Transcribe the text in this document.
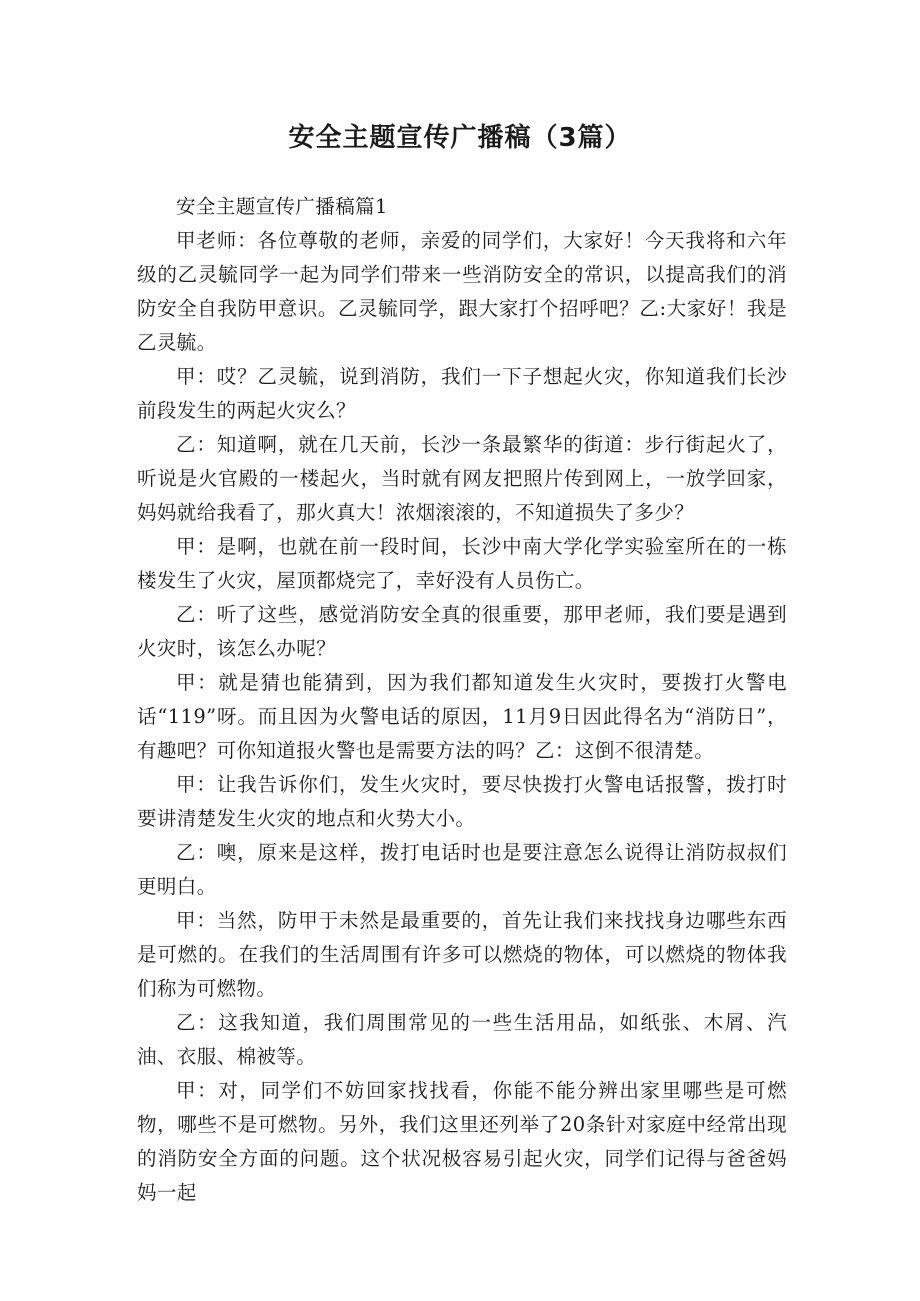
安全主题宣传广播稿（3篇）

安全主题宣传广播稿篇1

甲老师：各位尊敬的老师，亲爱的同学们，大家好！今天我将和六年级的乙灵毓同学一起为同学们带来一些消防安全的常识，以提高我们的消防安全自我防甲意识。乙灵毓同学，跟大家打个招呼吧？乙:大家好！我是乙灵毓。

甲：哎？乙灵毓，说到消防，我们一下子想起火灾，你知道我们长沙前段发生的两起火灾么？

乙：知道啊，就在几天前，长沙一条最繁华的街道：步行街起火了，听说是火官殿的一楼起火，当时就有网友把照片传到网上，一放学回家，妈妈就给我看了，那火真大！浓烟滚滚的，不知道损失了多少？

甲：是啊，也就在前一段时间，长沙中南大学化学实验室所在的一栋楼发生了火灾，屋顶都烧完了，幸好没有人员伤亡。

乙：听了这些，感觉消防安全真的很重要，那甲老师，我们要是遇到火灾时，该怎么办呢？

甲：就是猜也能猜到，因为我们都知道发生火灾时，要拨打火警电话“119”呀。而且因为火警电话的原因，11月9日因此得名为“消防日”，有趣吧？可你知道报火警也是需要方法的吗？乙：这倒不很清楚。

甲：让我告诉你们，发生火灾时，要尽快拨打火警电话报警，拨打时要讲清楚发生火灾的地点和火势大小。

乙：噢，原来是这样，拨打电话时也是要注意怎么说得让消防叔叔们更明白。

甲：当然，防甲于未然是最重要的，首先让我们来找找身边哪些东西是可燃的。在我们的生活周围有许多可以燃烧的物体，可以燃烧的物体我们称为可燃物。

乙：这我知道，我们周围常见的一些生活用品，如纸张、木屑、汽油、衣服、棉被等。

甲：对，同学们不妨回家找找看，你能不能分辨出家里哪些是可燃物，哪些不是可燃物。另外，我们这里还列举了20条针对家庭中经常出现的消防安全方面的问题。这个状况极容易引起火灾，同学们记得与爸爸妈妈一起
